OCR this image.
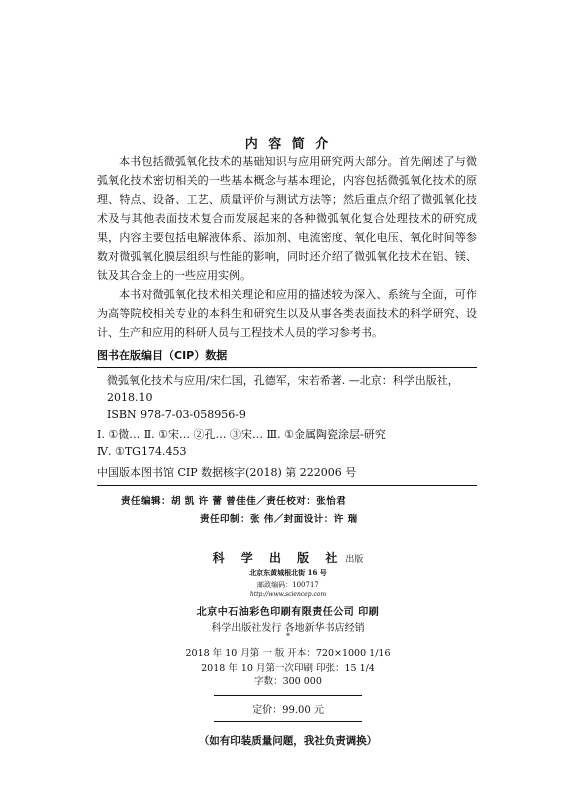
内 容 简 介

本书包括微弧氧化技术的基础知识与应用研究两大部分。首先阐述了与微弧氧化技术密切相关的一些基本概念与基本理论，内容包括微弧氧化技术的原理、特点、设备、工艺、质量评价与测试方法等；然后重点介绍了微弧氧化技术及与其他表面技术复合而发展起来的各种微弧氧化复合处理技术的研究成果，内容主要包括电解液体系、添加剂、电流密度、氧化电压、氧化时间等参数对微弧氧化膜层组织与性能的影响，同时还介绍了微弧氧化技术在铝、镁、钛及其合金上的一些应用实例。

本书对微弧氧化技术相关理论和应用的描述较为深入、系统与全面，可作为高等院校相关专业的本科生和研究生以及从事各类表面技术的科学研究、设计、生产和应用的科研人员与工程技术人员的学习参考书。

图书在版编目（CIP）数据
微弧氧化技术与应用/宋仁国，孔德军，宋若希著. —北京：科学出版社，
2018.10
ISBN 978-7-03-058956-9
Ⅰ. ①微… Ⅱ. ①宋… ②孔… ③宋… Ⅲ. ①金属陶瓷涂层-研究
Ⅳ. ①TG174.453
中国版本图书馆 CIP 数据核字(2018) 第 222006 号
责任编辑：胡 凯 许 蕾 曾佳佳／责任校对：张怡君
责任印制：张 伟／封面设计：许 瑞
科 学 出 版 社 出版
北京东黄城根北街 16 号
邮政编码：100717
http://www.sciencep.com
北京中石油彩色印刷有限责任公司 印刷
科学出版社发行 各地新华书店经销
*
2018 年 10 月第 一 版 开本：720×1000 1/16
2018 年 10 月第一次印刷 印张：15 1/4
字数：300 000

定价：99.00 元

（如有印装质量问题，我社负责调换）
